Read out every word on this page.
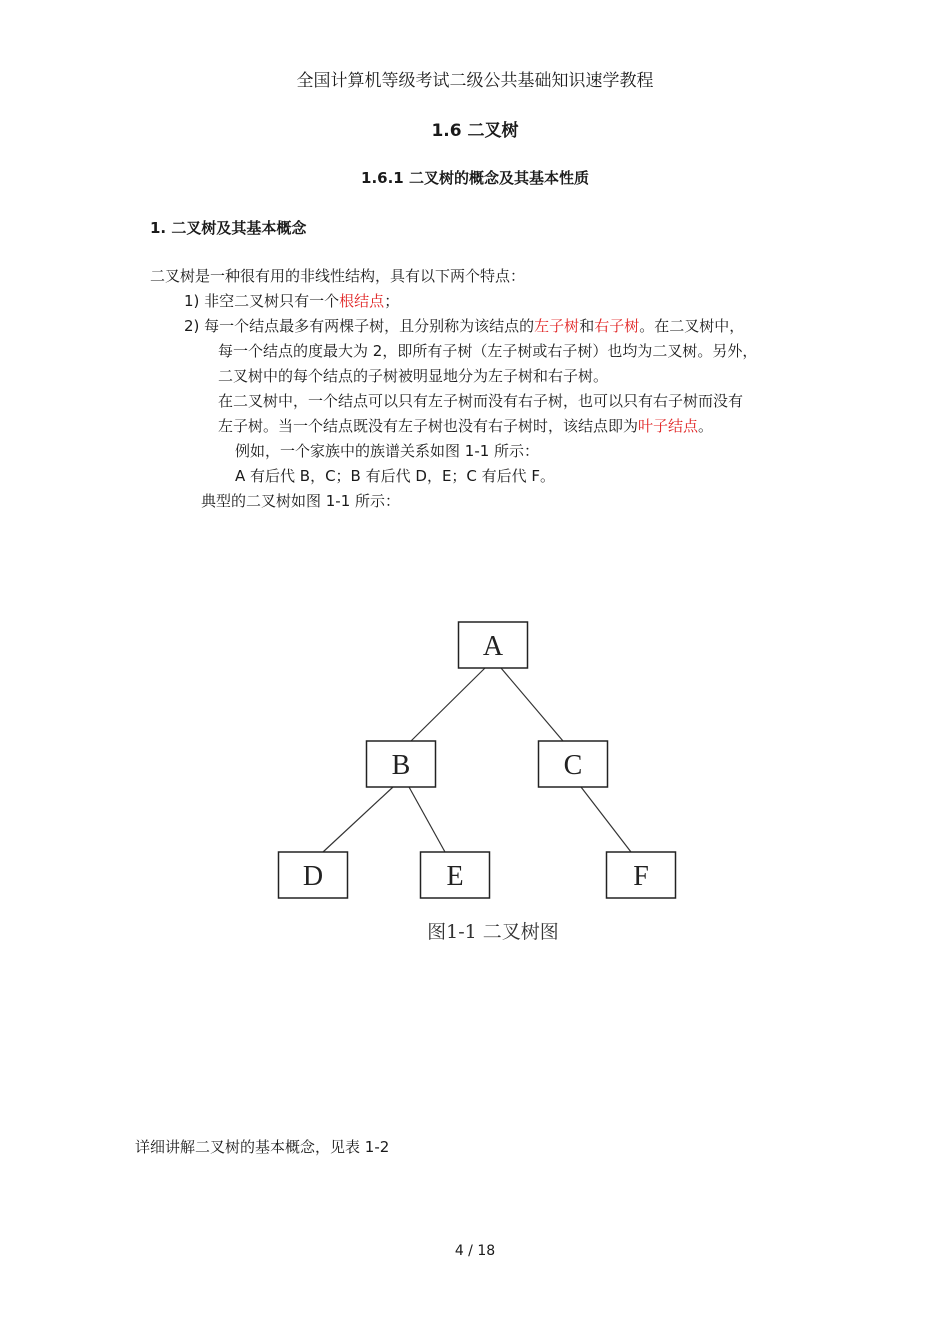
全国计算机等级考试二级公共基础知识速学教程
1.6 二叉树
1.6.1 二叉树的概念及其基本性质
1. 二叉树及其基本概念
二叉树是一种很有用的非线性结构，具有以下两个特点：
1) 非空二叉树只有一个根结点；
2) 每一个结点最多有两棵子树，且分别称为该结点的左子树和右子树。在二叉树中，
每一个结点的度最大为 2，即所有子树（左子树或右子树）也均为二叉树。另外，
二叉树中的每个结点的子树被明显地分为左子树和右子树。
在二叉树中，一个结点可以只有左子树而没有右子树，也可以只有右子树而没有
左子树。当一个结点既没有左子树也没有右子树时，该结点即为叶子结点。
例如，一个家族中的族谱关系如图 1-1 所示：
A 有后代 B，C；B 有后代 D，E；C 有后代 F。
典型的二叉树如图 1-1 所示：
A
B	C
D	E	F
图1-1 二叉树图
详细讲解二叉树的基本概念，见表 1-2
4 / 18
